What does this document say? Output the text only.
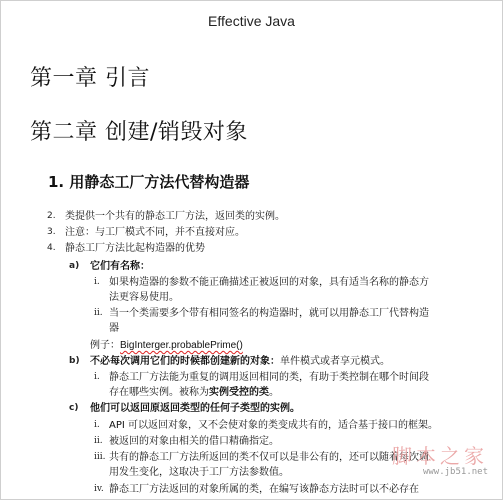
Effective Java
第一章 引言
第二章 创建/销毁对象
1. 用静态工厂方法代替构造器
2. 类提供一个共有的静态工厂方法，返回类的实例。
3. 注意：与工厂模式不同，并不直接对应。
4. 静态工厂方法比起构造器的优势
a) 它们有名称：
i. 如果构造器的参数不能正确描述正被返回的对象，具有适当名称的静态方
法更容易使用。
ii. 当一个类需要多个带有相同签名的构造器时，就可以用静态工厂代替构造
器
例子： BigInterger.probablePrime()
b) 不必每次调用它们的时候都创建新的对象：单件模式或者享元模式。
i. 静态工厂方法能为重复的调用返回相同的类，有助于类控制在哪个时间段
存在哪些实例。被称为实例受控的类。
c) 他们可以返回原返回类型的任何子类型的实例。
i. API 可以返回对象，又不会使对象的类变成共有的，适合基于接口的框架。
ii. 被返回的对象由相关的借口精确指定。
iii. 共有的静态工厂方法所返回的类不仅可以是非公有的，还可以随着每次调
用发生变化，这取决于工厂方法参数值。
iv. 静态工厂方法返回的对象所属的类，在编写该静态方法时可以不必存在
脚本之家
www.jb51.net
